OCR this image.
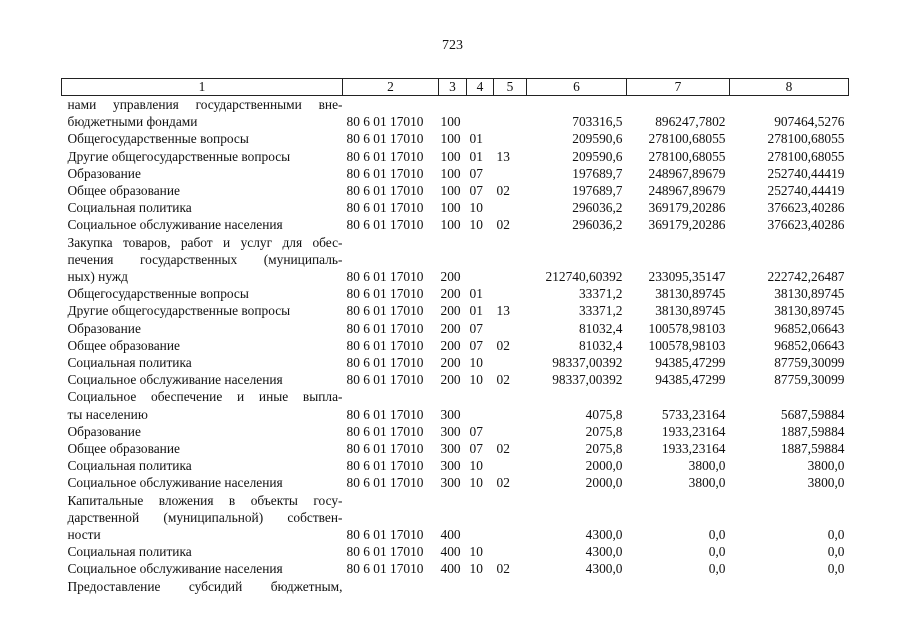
723
1	2	3	4	5	6	7	8
нами управления государственными вне-							
бюджетными фондами	80 6 01 17010	100			703316,5	896247,7802	907464,5276
Общегосударственные вопросы	80 6 01 17010	100	01		209590,6	278100,68055	278100,68055
Другие общегосударственные вопросы	80 6 01 17010	100	01	13	209590,6	278100,68055	278100,68055
Образование	80 6 01 17010	100	07		197689,7	248967,89679	252740,44419
Общее образование	80 6 01 17010	100	07	02	197689,7	248967,89679	252740,44419
Социальная политика	80 6 01 17010	100	10		296036,2	369179,20286	376623,40286
Социальное обслуживание населения	80 6 01 17010	100	10	02	296036,2	369179,20286	376623,40286
Закупка товаров, работ и услуг для обес-							
печения государственных (муниципаль-							
ных) нужд	80 6 01 17010	200			212740,60392	233095,35147	222742,26487
Общегосударственные вопросы	80 6 01 17010	200	01		33371,2	38130,89745	38130,89745
Другие общегосударственные вопросы	80 6 01 17010	200	01	13	33371,2	38130,89745	38130,89745
Образование	80 6 01 17010	200	07		81032,4	100578,98103	96852,06643
Общее образование	80 6 01 17010	200	07	02	81032,4	100578,98103	96852,06643
Социальная политика	80 6 01 17010	200	10		98337,00392	94385,47299	87759,30099
Социальное обслуживание населения	80 6 01 17010	200	10	02	98337,00392	94385,47299	87759,30099
Социальное обеспечение и иные выпла-							
ты населению	80 6 01 17010	300			4075,8	5733,23164	5687,59884
Образование	80 6 01 17010	300	07		2075,8	1933,23164	1887,59884
Общее образование	80 6 01 17010	300	07	02	2075,8	1933,23164	1887,59884
Социальная политика	80 6 01 17010	300	10		2000,0	3800,0	3800,0
Социальное обслуживание населения	80 6 01 17010	300	10	02	2000,0	3800,0	3800,0
Капитальные вложения в объекты госу-							
дарственной (муниципальной) собствен-							
ности	80 6 01 17010	400			4300,0	0,0	0,0
Социальная политика	80 6 01 17010	400	10		4300,0	0,0	0,0
Социальное обслуживание населения	80 6 01 17010	400	10	02	4300,0	0,0	0,0
Предоставление субсидий бюджетным,							
